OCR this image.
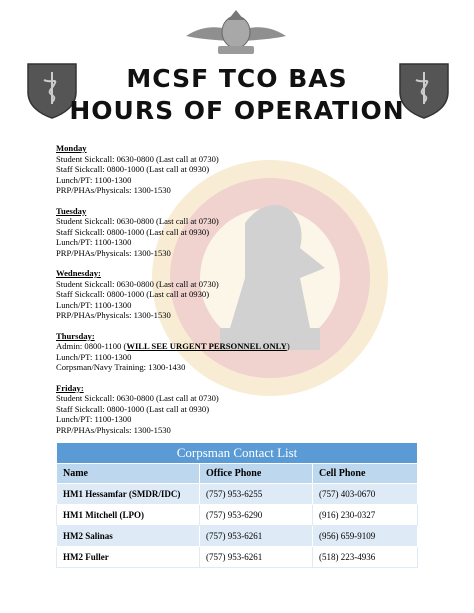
MCSF TCO BAS
HOURS OF OPERATION
Monday
Student Sickcall: 0630-0800 (Last call at 0730)
Staff Sickcall: 0800-1000 (Last call at 0930)
Lunch/PT: 1100-1300
PRP/PHAs/Physicals: 1300-1530
Tuesday
Student Sickcall: 0630-0800 (Last call at 0730)
Staff Sickcall: 0800-1000 (Last call at 0930)
Lunch/PT: 1100-1300
PRP/PHAs/Physicals: 1300-1530
Wednesday:
Student Sickcall: 0630-0800 (Last call at 0730)
Staff Sickcall: 0800-1000 (Last call at 0930)
Lunch/PT: 1100-1300
PRP/PHAs/Physicals: 1300-1530
Thursday:
Admin: 0800-1100 (WILL SEE URGENT PERSONNEL ONLY)
Lunch/PT: 1100-1300
Corpsman/Navy Training: 1300-1430
Friday:
Student Sickcall: 0630-0800 (Last call at 0730)
Staff Sickcall: 0800-1000 (Last call at 0930)
Lunch/PT: 1100-1300
PRP/PHAs/Physicals: 1300-1530
Corpsman Contact List		
Name	Office Phone	Cell Phone
HM1 Hessamfar (SMDR/IDC)	(757) 953-6255	(757) 403-0670
HM1 Mitchell (LPO)	(757) 953-6290	(916) 230-0327
HM2 Salinas	(757) 953-6261	(956) 659-9109
HM2 Fuller	(757) 953-6261	(518) 223-4936
